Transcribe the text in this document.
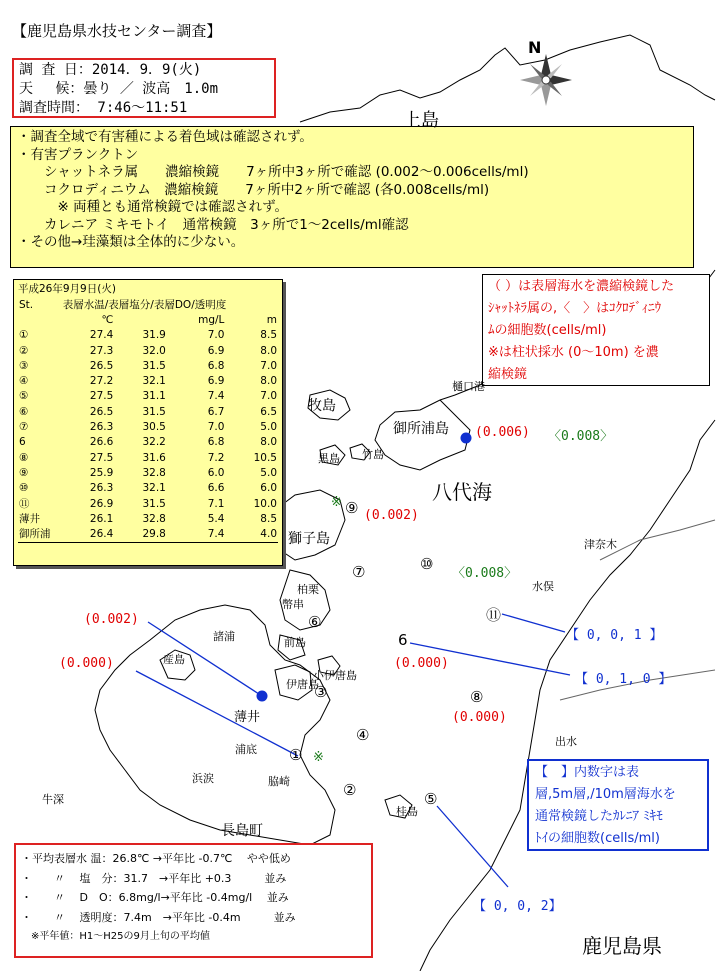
N
【鹿児島県水技センター調査】
調 査 日：2014．9．9(火)
天　 候：曇り ／ 波高　1.0m
調査時間： 7:46～11:51
・調査全域で有害種による着色域は確認されず。
・有害プランクトン
　　シャットネラ属　　濃縮検鏡　　7ヶ所中3ヶ所で確認 (0.002～0.006cells/ml)
　　コクロディニウム　濃縮検鏡　　7ヶ所中2ヶ所で確認 (各0.008cells/ml)
　　　※ 両種とも通常検鏡では確認されず。
　　カレニア ミキモトイ　通常検鏡　3ヶ所で1～2cells/ml確認
・その他→珪藻類は全体的に少ない。
平成26年9月9日(火)
St.	表層水温/表層塩分/表層DO/透明度			
	℃		mg/L	m
①	27.4	31.9	7.0	8.5
②	27.3	32.0	6.9	8.0
③	26.5	31.5	6.8	7.0
④	27.2	32.1	6.9	8.0
⑤	27.5	31.1	7.4	7.0
⑥	26.5	31.5	6.7	6.5
⑦	26.3	30.5	7.0	5.0
6	26.6	32.2	6.8	8.0
⑧	27.5	31.6	7.2	10.5
⑨	25.9	32.8	6.0	5.0
⑩	26.3	32.1	6.6	6.0
⑪	26.9	31.5	7.1	10.0
薄井	26.1	32.8	5.4	8.5
御所浦	26.4	29.8	7.4	4.0
（ ）は表層海水を濃縮検鏡した
ｼｬｯﾄﾈﾗ属の,〈　〉はｺｸﾛﾃﾞｨﾆｳ
ﾑの細胞数(cells/ml)
※は柱状採水 (0～10m) を濃
縮検鏡
【　】内数字は表
層,5m層,/10m層海水を
通常検鏡したｶﾚﾆｱ ﾐｷﾓ
ﾄｲの細胞数(cells/ml)
・平均表層水 温：26.8℃ →平年比 -0.7℃　 やや低め
・　　〃　 塩　分：31.7　→平年比 +0.3　　　並み
・　　〃　 D　O：6.8mg/l→平年比 -0.4mg/l　 並み
・　　〃　 透明度：7.4m　→平年比 -0.4m　　　並み
　※平年値：H1～H25の9月上旬の平均値
上島
八代海
鹿児島県
長島町
牧島
御所浦島
獅子島
黒島 竹島
樋口港
津奈木
水俣
出水
柏栗
幣串
前島
諸浦
産島
伊唐島
小伊唐島
薄井
浦底
浜涙	脇崎
牛深
桂島
①
②
③
④
⑤
⑥
⑦
6
⑧
⑨
⑩
⑪
※
※
(0.006) 〈0.008〉
(0.002)
〈0.008〉
(0.002)
(0.000)	(0.000)
(0.000)
【 0, 0, 1 】
【 0, 1, 0 】
【 0, 0, 2】
